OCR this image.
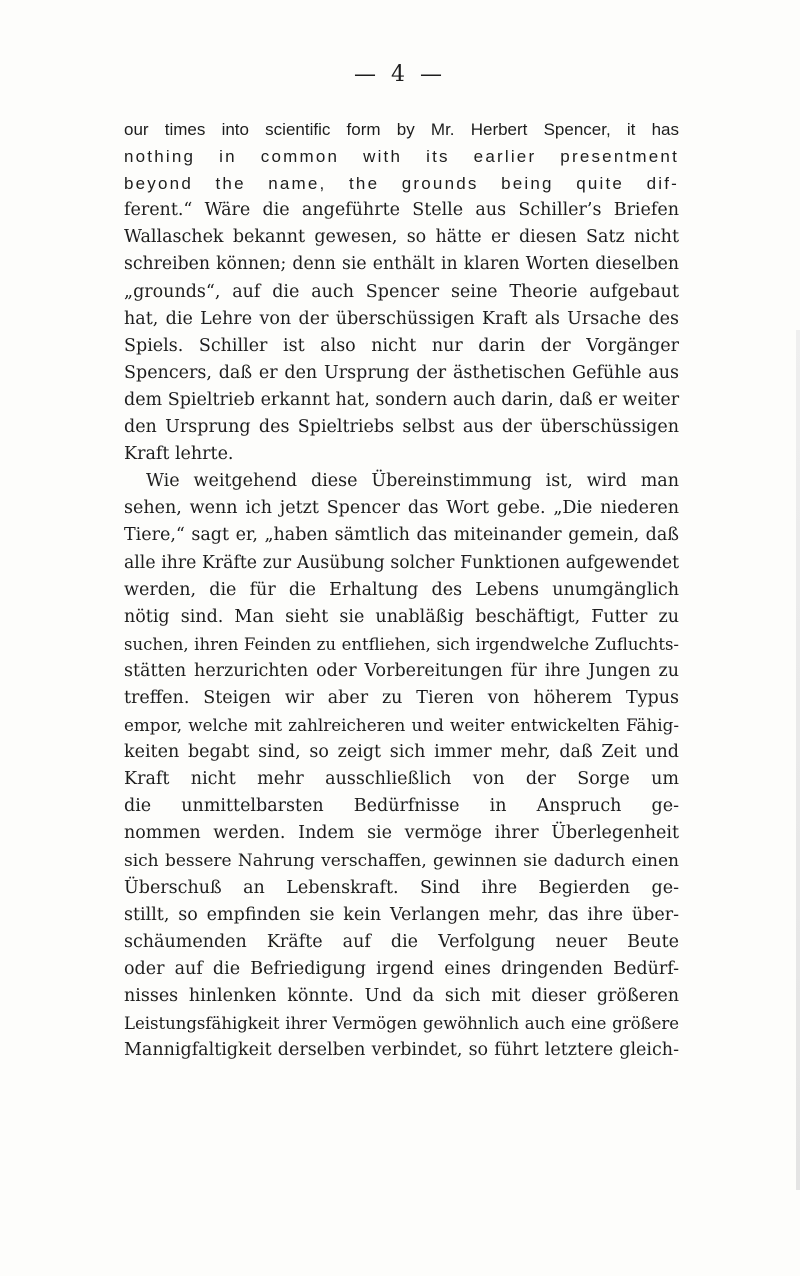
— 4 —
our times into scientific form by Mr. Herbert Spencer, it has
nothing in common with its earlier presentment
beyond the name, the grounds being quite dif-
ferent.“ Wäre die angeführte Stelle aus Schiller’s Briefen
Wallaschek bekannt gewesen, so hätte er diesen Satz nicht
schreiben können; denn sie enthält in klaren Worten dieselben
„grounds“, auf die auch Spencer seine Theorie aufgebaut
hat, die Lehre von der überschüssigen Kraft als Ursache des
Spiels. Schiller ist also nicht nur darin der Vorgänger
Spencers, daß er den Ursprung der ästhetischen Gefühle aus
dem Spieltrieb erkannt hat, sondern auch darin, daß er weiter
den Ursprung des Spieltriebs selbst aus der überschüssigen
Kraft lehrte.
Wie weitgehend diese Übereinstimmung ist, wird man
sehen, wenn ich jetzt Spencer das Wort gebe. „Die niederen
Tiere,“ sagt er, „haben sämtlich das miteinander gemein, daß
alle ihre Kräfte zur Ausübung solcher Funktionen aufgewendet
werden, die für die Erhaltung des Lebens unumgänglich
nötig sind. Man sieht sie unabläßig beschäftigt, Futter zu
suchen, ihren Feinden zu entfliehen, sich irgendwelche Zufluchts-
stätten herzurichten oder Vorbereitungen für ihre Jungen zu
treffen. Steigen wir aber zu Tieren von höherem Typus
empor, welche mit zahlreicheren und weiter entwickelten Fähig-
keiten begabt sind, so zeigt sich immer mehr, daß Zeit und
Kraft nicht mehr ausschließlich von der Sorge um
die unmittelbarsten Bedürfnisse in Anspruch ge-
nommen werden. Indem sie vermöge ihrer Überlegenheit
sich bessere Nahrung verschaffen, gewinnen sie dadurch einen
Überschuß an Lebenskraft. Sind ihre Begierden ge-
stillt, so empfinden sie kein Verlangen mehr, das ihre über-
schäumenden Kräfte auf die Verfolgung neuer Beute
oder auf die Befriedigung irgend eines dringenden Bedürf-
nisses hinlenken könnte. Und da sich mit dieser größeren
Leistungsfähigkeit ihrer Vermögen gewöhnlich auch eine größere
Mannigfaltigkeit derselben verbindet, so führt letztere gleich-
